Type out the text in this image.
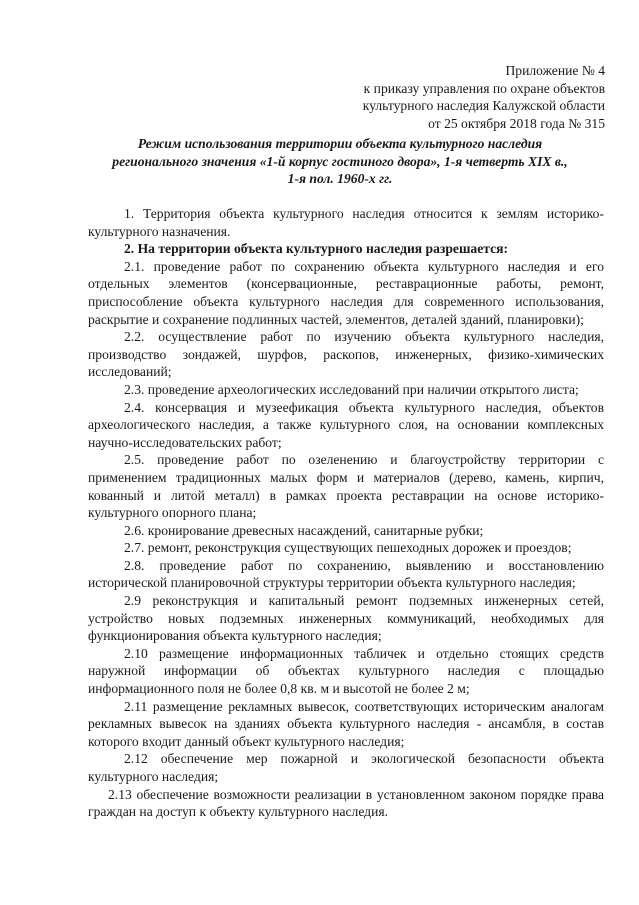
Приложение № 4
к приказу управления по охране объектов
культурного наследия Калужской области
от 25 октября 2018 года № 315
Режим использования территории объекта культурного наследия
регионального значения «1-й корпус гостиного двора», 1-я четверть XIX в.,
1-я пол. 1960-х гг.

1. Территория объекта культурного наследия относится к землям историко-культурного назначения.

2. На территории объекта культурного наследия разрешается:

2.1. проведение работ по сохранению объекта культурного наследия и его отдельных элементов (консервационные, реставрационные работы, ремонт, приспособление объекта культурного наследия для современного использования, раскрытие и сохранение подлинных частей, элементов, деталей зданий, планировки);

2.2. осуществление работ по изучению объекта культурного наследия, производство зондажей, шурфов, раскопов, инженерных, физико-химических исследований;

2.3. проведение археологических исследований при наличии открытого листа;

2.4. консервация и музеефикация объекта культурного наследия, объектов археологического наследия, а также культурного слоя, на основании комплексных научно-исследовательских работ;

2.5. проведение работ по озеленению и благоустройству территории с применением традиционных малых форм и материалов (дерево, камень, кирпич, кованный и литой металл) в рамках проекта реставрации на основе историко-культурного опорного плана;

2.6. кронирование древесных насаждений, санитарные рубки;

2.7. ремонт, реконструкция существующих пешеходных дорожек и проездов;

2.8. проведение работ по сохранению, выявлению и восстановлению исторической планировочной структуры территории объекта культурного наследия;

2.9 реконструкция и капитальный ремонт подземных инженерных сетей, устройство новых подземных инженерных коммуникаций, необходимых для функционирования объекта культурного наследия;

2.10 размещение информационных табличек и отдельно стоящих средств наружной информации об объектах культурного наследия с площадью информационного поля не более 0,8 кв. м и высотой не более 2 м;

2.11 размещение рекламных вывесок, соответствующих историческим аналогам рекламных вывесок на зданиях объекта культурного наследия - ансамбля, в состав которого входит данный объект культурного наследия;

2.12 обеспечение мер пожарной и экологической безопасности объекта культурного наследия;

2.13 обеспечение возможности реализации в установленном законом порядке права граждан на доступ к объекту культурного наследия.
